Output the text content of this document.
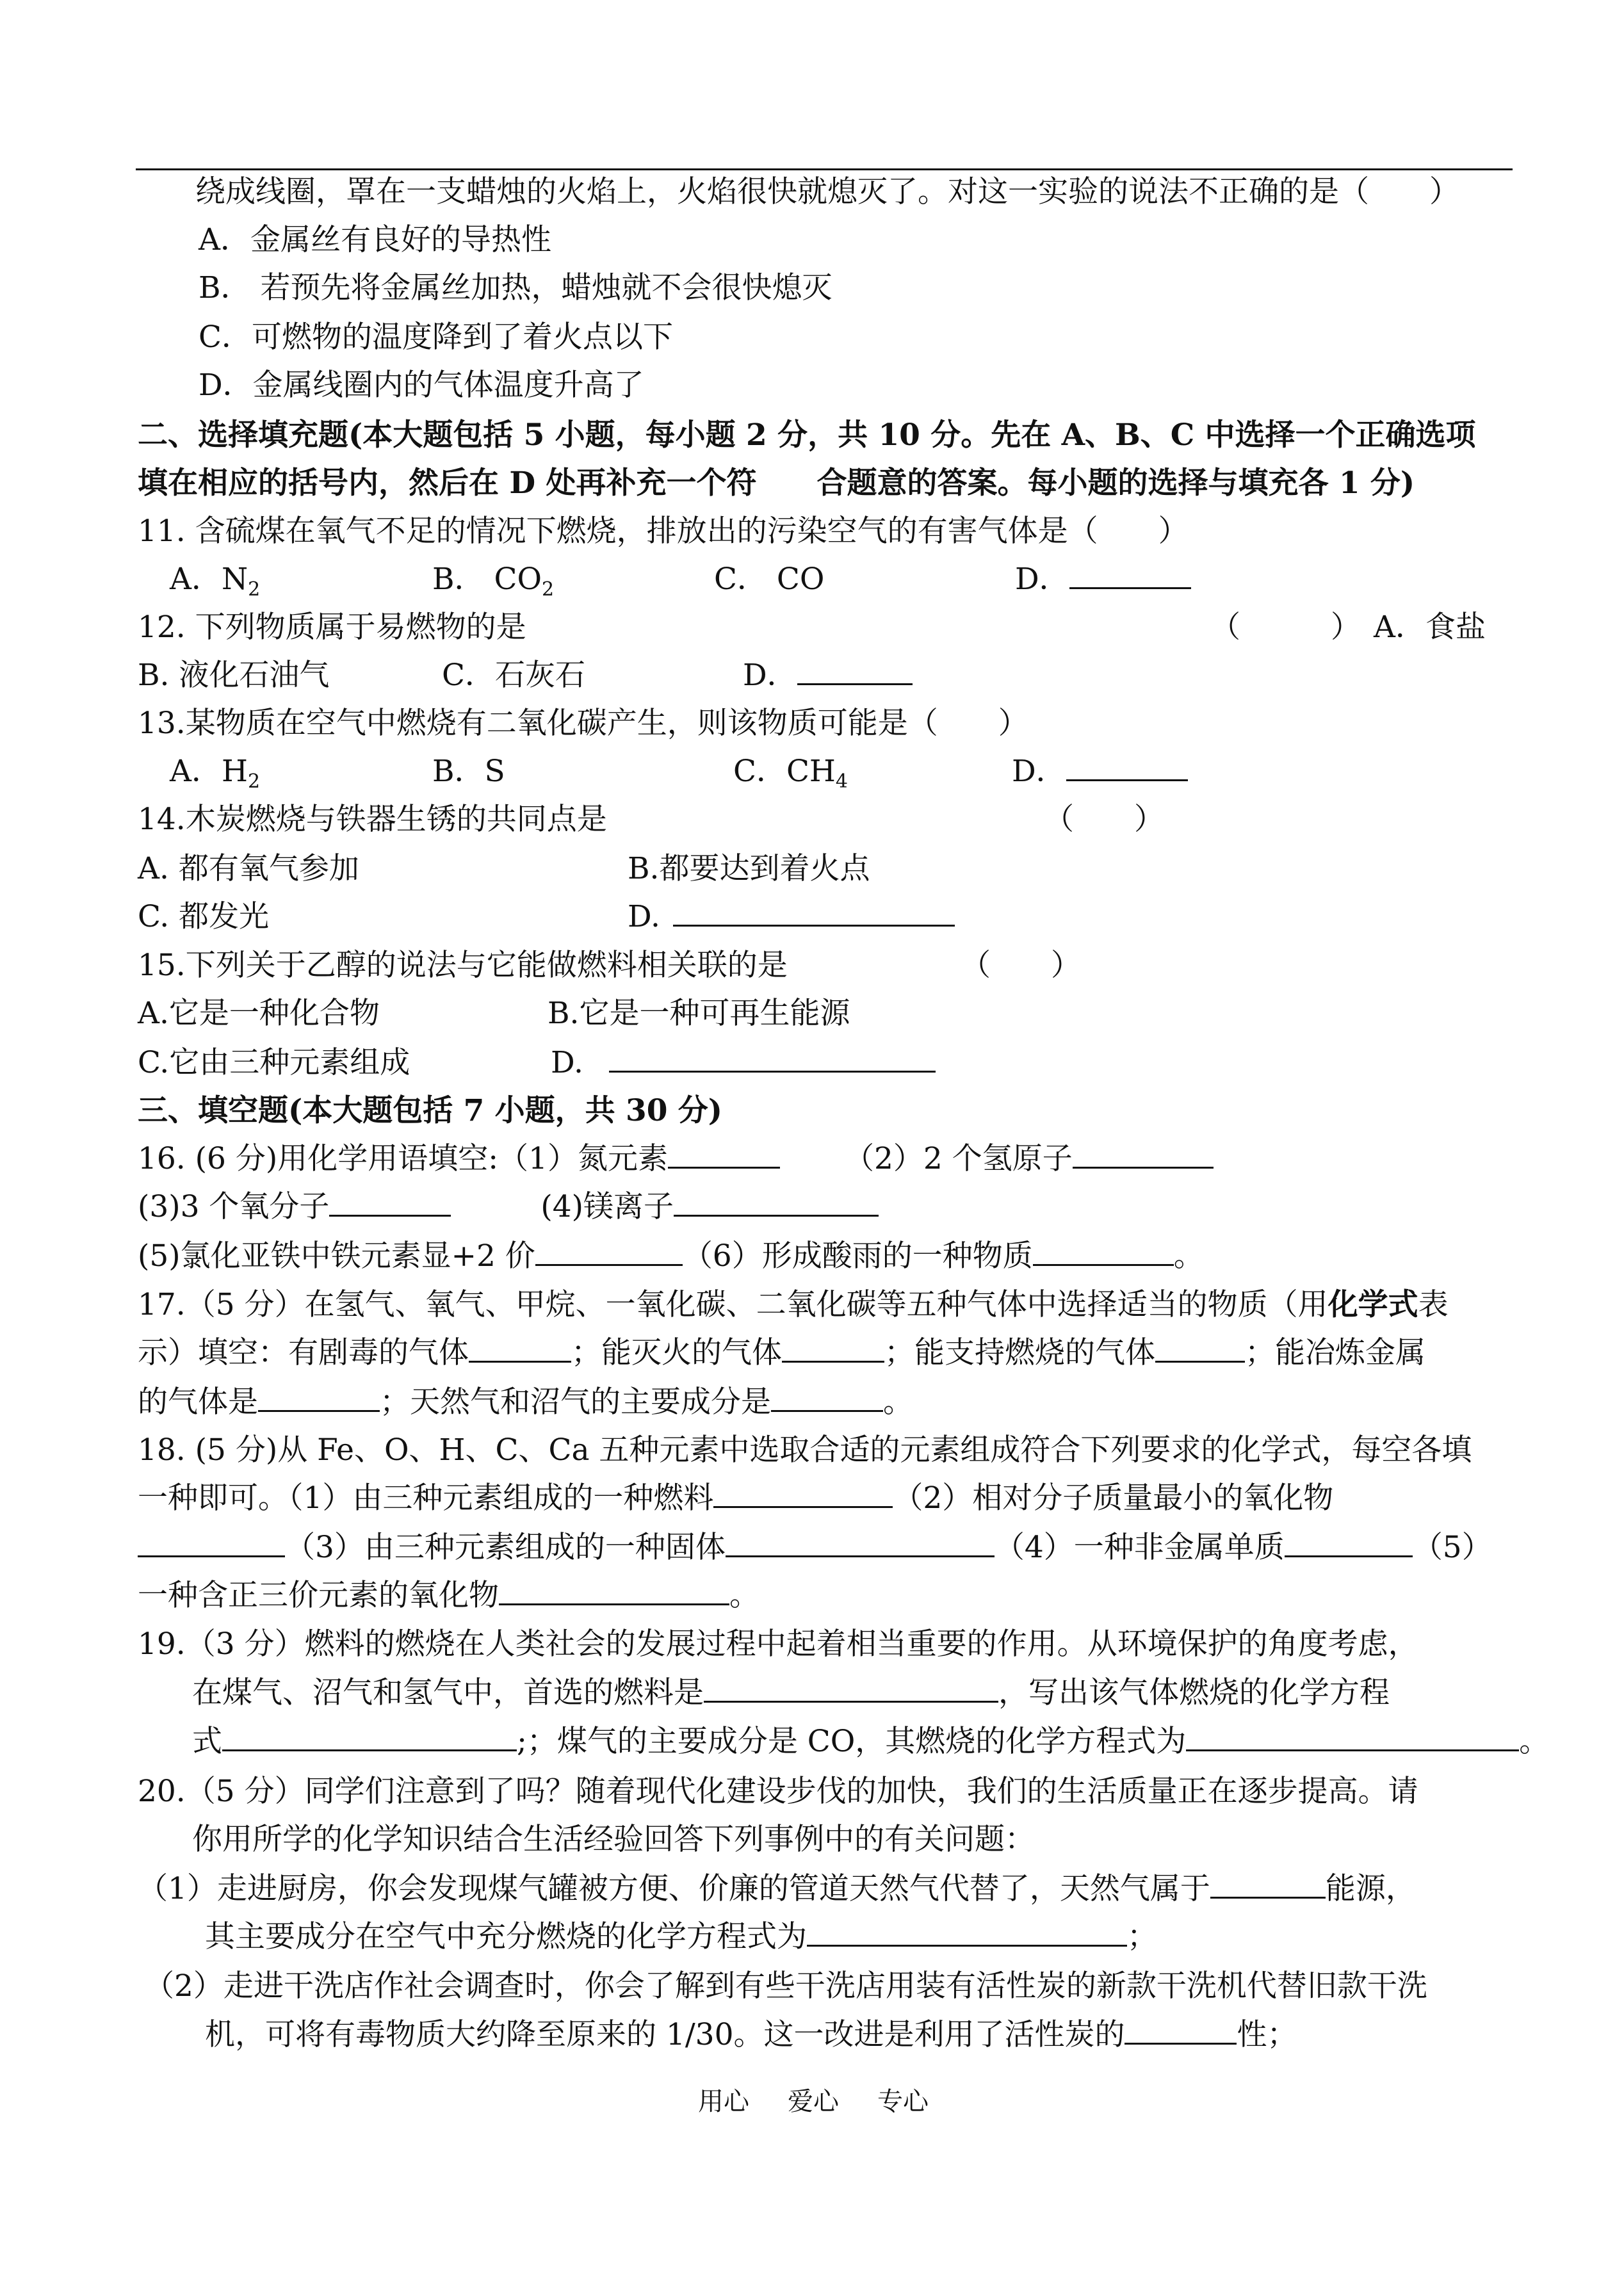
绕成线圈，罩在一支蜡烛的火焰上，火焰很快就熄灭了。对这一实验的说法不正确的是（　　）
A．金属丝有良好的导热性
B． 若预先将金属丝加热，蜡烛就不会很快熄灭
C．可燃物的温度降到了着火点以下
D．金属线圈内的气体温度升高了
二、选择填充题(本大题包括 5 小题，每小题 2 分，共 10 分。先在 A、B、C 中选择一个正确选项
填在相应的括号内，然后在 D 处再补充一个符　　合题意的答案。每小题的选择与填充各 1 分)
11. 含硫煤在氧气不足的情况下燃烧，排放出的污染空气的有害气体是（　　）
A．$N_2$	B． $CO_2$	C． CO	D．
12. 下列物质属于易燃物的是	（　　　） A．食盐
B. 液化石油气	C．石灰石	D．
13.某物质在空气中燃烧有二氧化碳产生，则该物质可能是（　　）
A．$H_2$	B．S	C．$CH_4$	D．
14.木炭燃烧与铁器生锈的共同点是	（　　）
A. 都有氧气参加	B.都要达到着火点
C. 都发光	D.
15.下列关于乙醇的说法与它能做燃料相关联的是	（　　）
A.它是一种化合物	B.它是一种可再生能源
C.它由三种元素组成	D.
三、填空题(本大题包括 7 小题，共 30 分)
16. (6 分)用化学用语填空:（1）氮元素	（2）2 个氢原子
(3)3 个氧分子	(4)镁离子
(5)氯化亚铁中铁元素显+2 价	（6）形成酸雨的一种物质	。
17.（5 分）在氢气、氧气、甲烷、一氧化碳、二氧化碳等五种气体中选择适当的物质（用化学式表
示）填空：有剧毒的气体	；能灭火的气体	；能支持燃烧的气体	；能冶炼金属
的气体是	；天然气和沼气的主要成分是	。
18. (5 分)从 Fe、O、H、C、Ca 五种元素中选取合适的元素组成符合下列要求的化学式，每空各填
一种即可。（1）由三种元素组成的一种燃料	（2）相对分子质量最小的氧化物
（3）由三种元素组成的一种固体	（4）一种非金属单质	（5）
一种含正三价元素的氧化物	。
19.（3 分）燃料的燃烧在人类社会的发展过程中起着相当重要的作用。从环境保护的角度考虑，
在煤气、沼气和氢气中，首选的燃料是	，写出该气体燃烧的化学方程
式	;；煤气的主要成分是 CO，其燃烧的化学方程式为	。
20.（5 分）同学们注意到了吗？随着现代化建设步伐的加快，我们的生活质量正在逐步提高。请
你用所学的化学知识结合生活经验回答下列事例中的有关问题：
（1）走进厨房，你会发现煤气罐被方便、价廉的管道天然气代替了，天然气属于	能源，
其主要成分在空气中充分燃烧的化学方程式为	；
（2）走进干洗店作社会调查时，你会了解到有些干洗店用装有活性炭的新款干洗机代替旧款干洗
机，可将有毒物质大约降至原来的 1/30。这一改进是利用了活性炭的	性；
用心 爱心 专心
